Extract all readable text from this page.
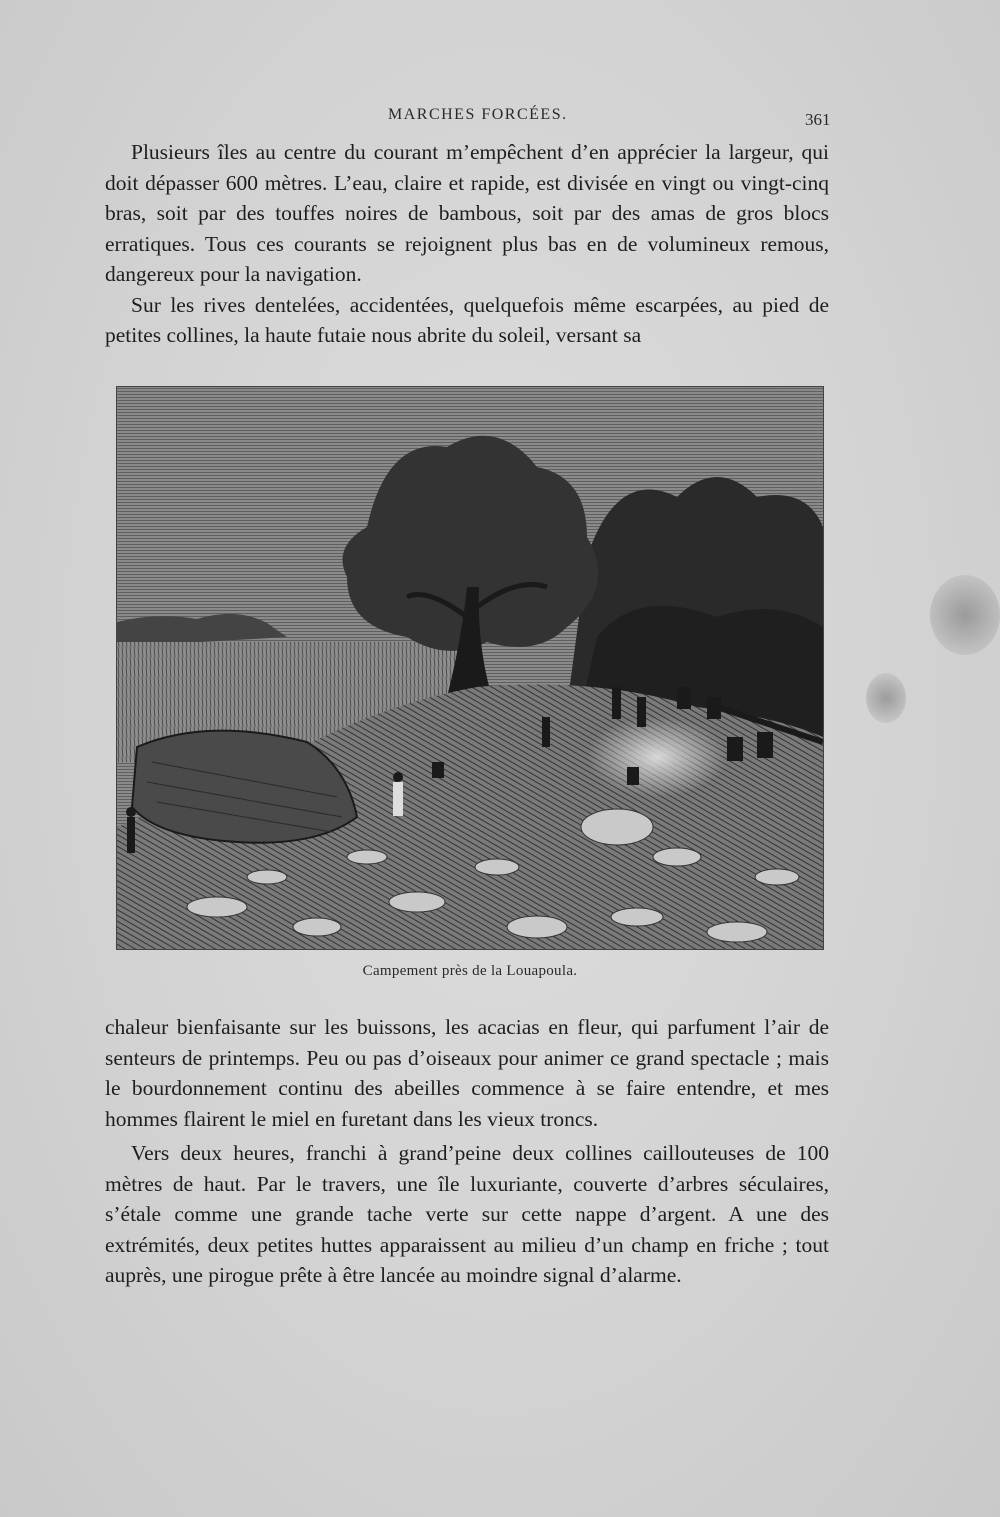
MARCHES FORCÉES.	361

Plusieurs îles au centre du courant m’empêchent d’en apprécier la largeur, qui doit dépasser 600 mètres. L’eau, claire et rapide, est divisée en vingt ou vingt-cinq bras, soit par des touffes noires de bambous, soit par des amas de gros blocs erratiques. Tous ces courants se rejoignent plus bas en de volumineux remous, dangereux pour la navigation.

Sur les rives dentelées, accidentées, quelquefois même escarpées, au pied de petites collines, la haute futaie nous abrite du soleil, versant sa

Campement près de la Louapoula.

chaleur bienfaisante sur les buissons, les acacias en fleur, qui parfument l’air de senteurs de printemps. Peu ou pas d’oiseaux pour animer ce grand spectacle ; mais le bourdonnement continu des abeilles commence à se faire entendre, et mes hommes flairent le miel en furetant dans les vieux troncs.

Vers deux heures, franchi à grand’peine deux collines caillouteuses de 100 mètres de haut. Par le travers, une île luxuriante, couverte d’arbres séculaires, s’étale comme une grande tache verte sur cette nappe d’argent. A une des extrémités, deux petites huttes apparaissent au milieu d’un champ en friche ; tout auprès, une pirogue prête à être lancée au moindre signal d’alarme.
